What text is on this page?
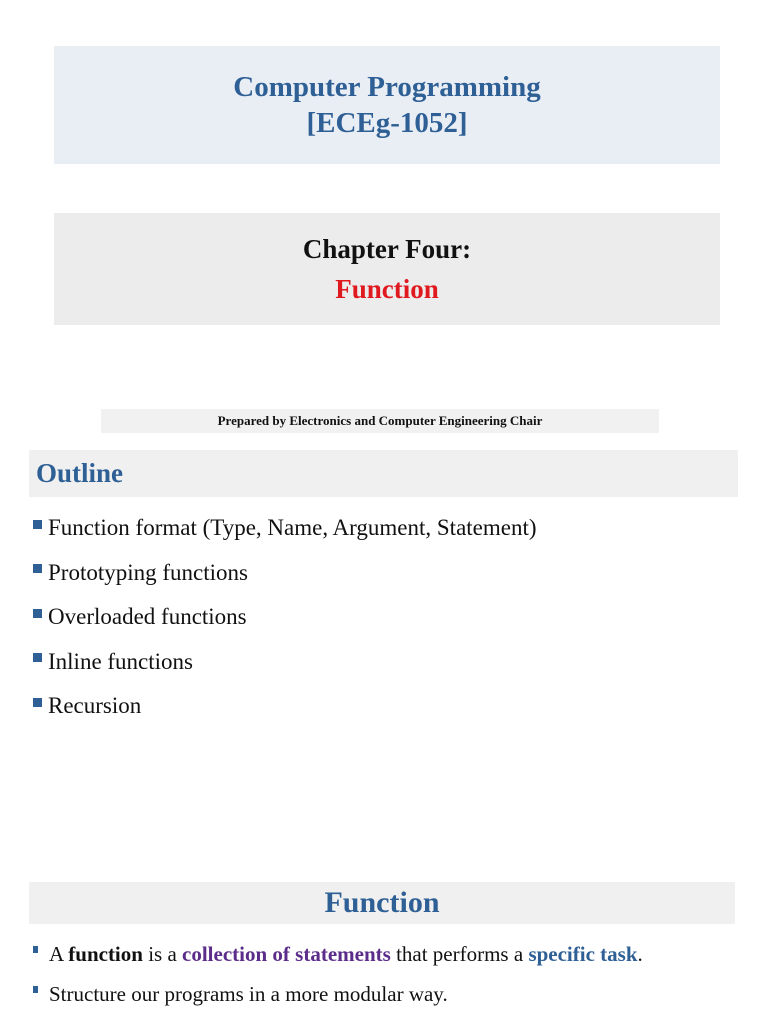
Computer Programming
[ECEg-1052]
Chapter Four:
Function
Prepared by Electronics and Computer Engineering Chair
Outline
Function format (Type, Name, Argument, Statement)
Prototyping functions
Overloaded functions
Inline functions
Recursion
Function
A function is a collection of statements that performs a specific task.
Structure our programs in a more modular way.
